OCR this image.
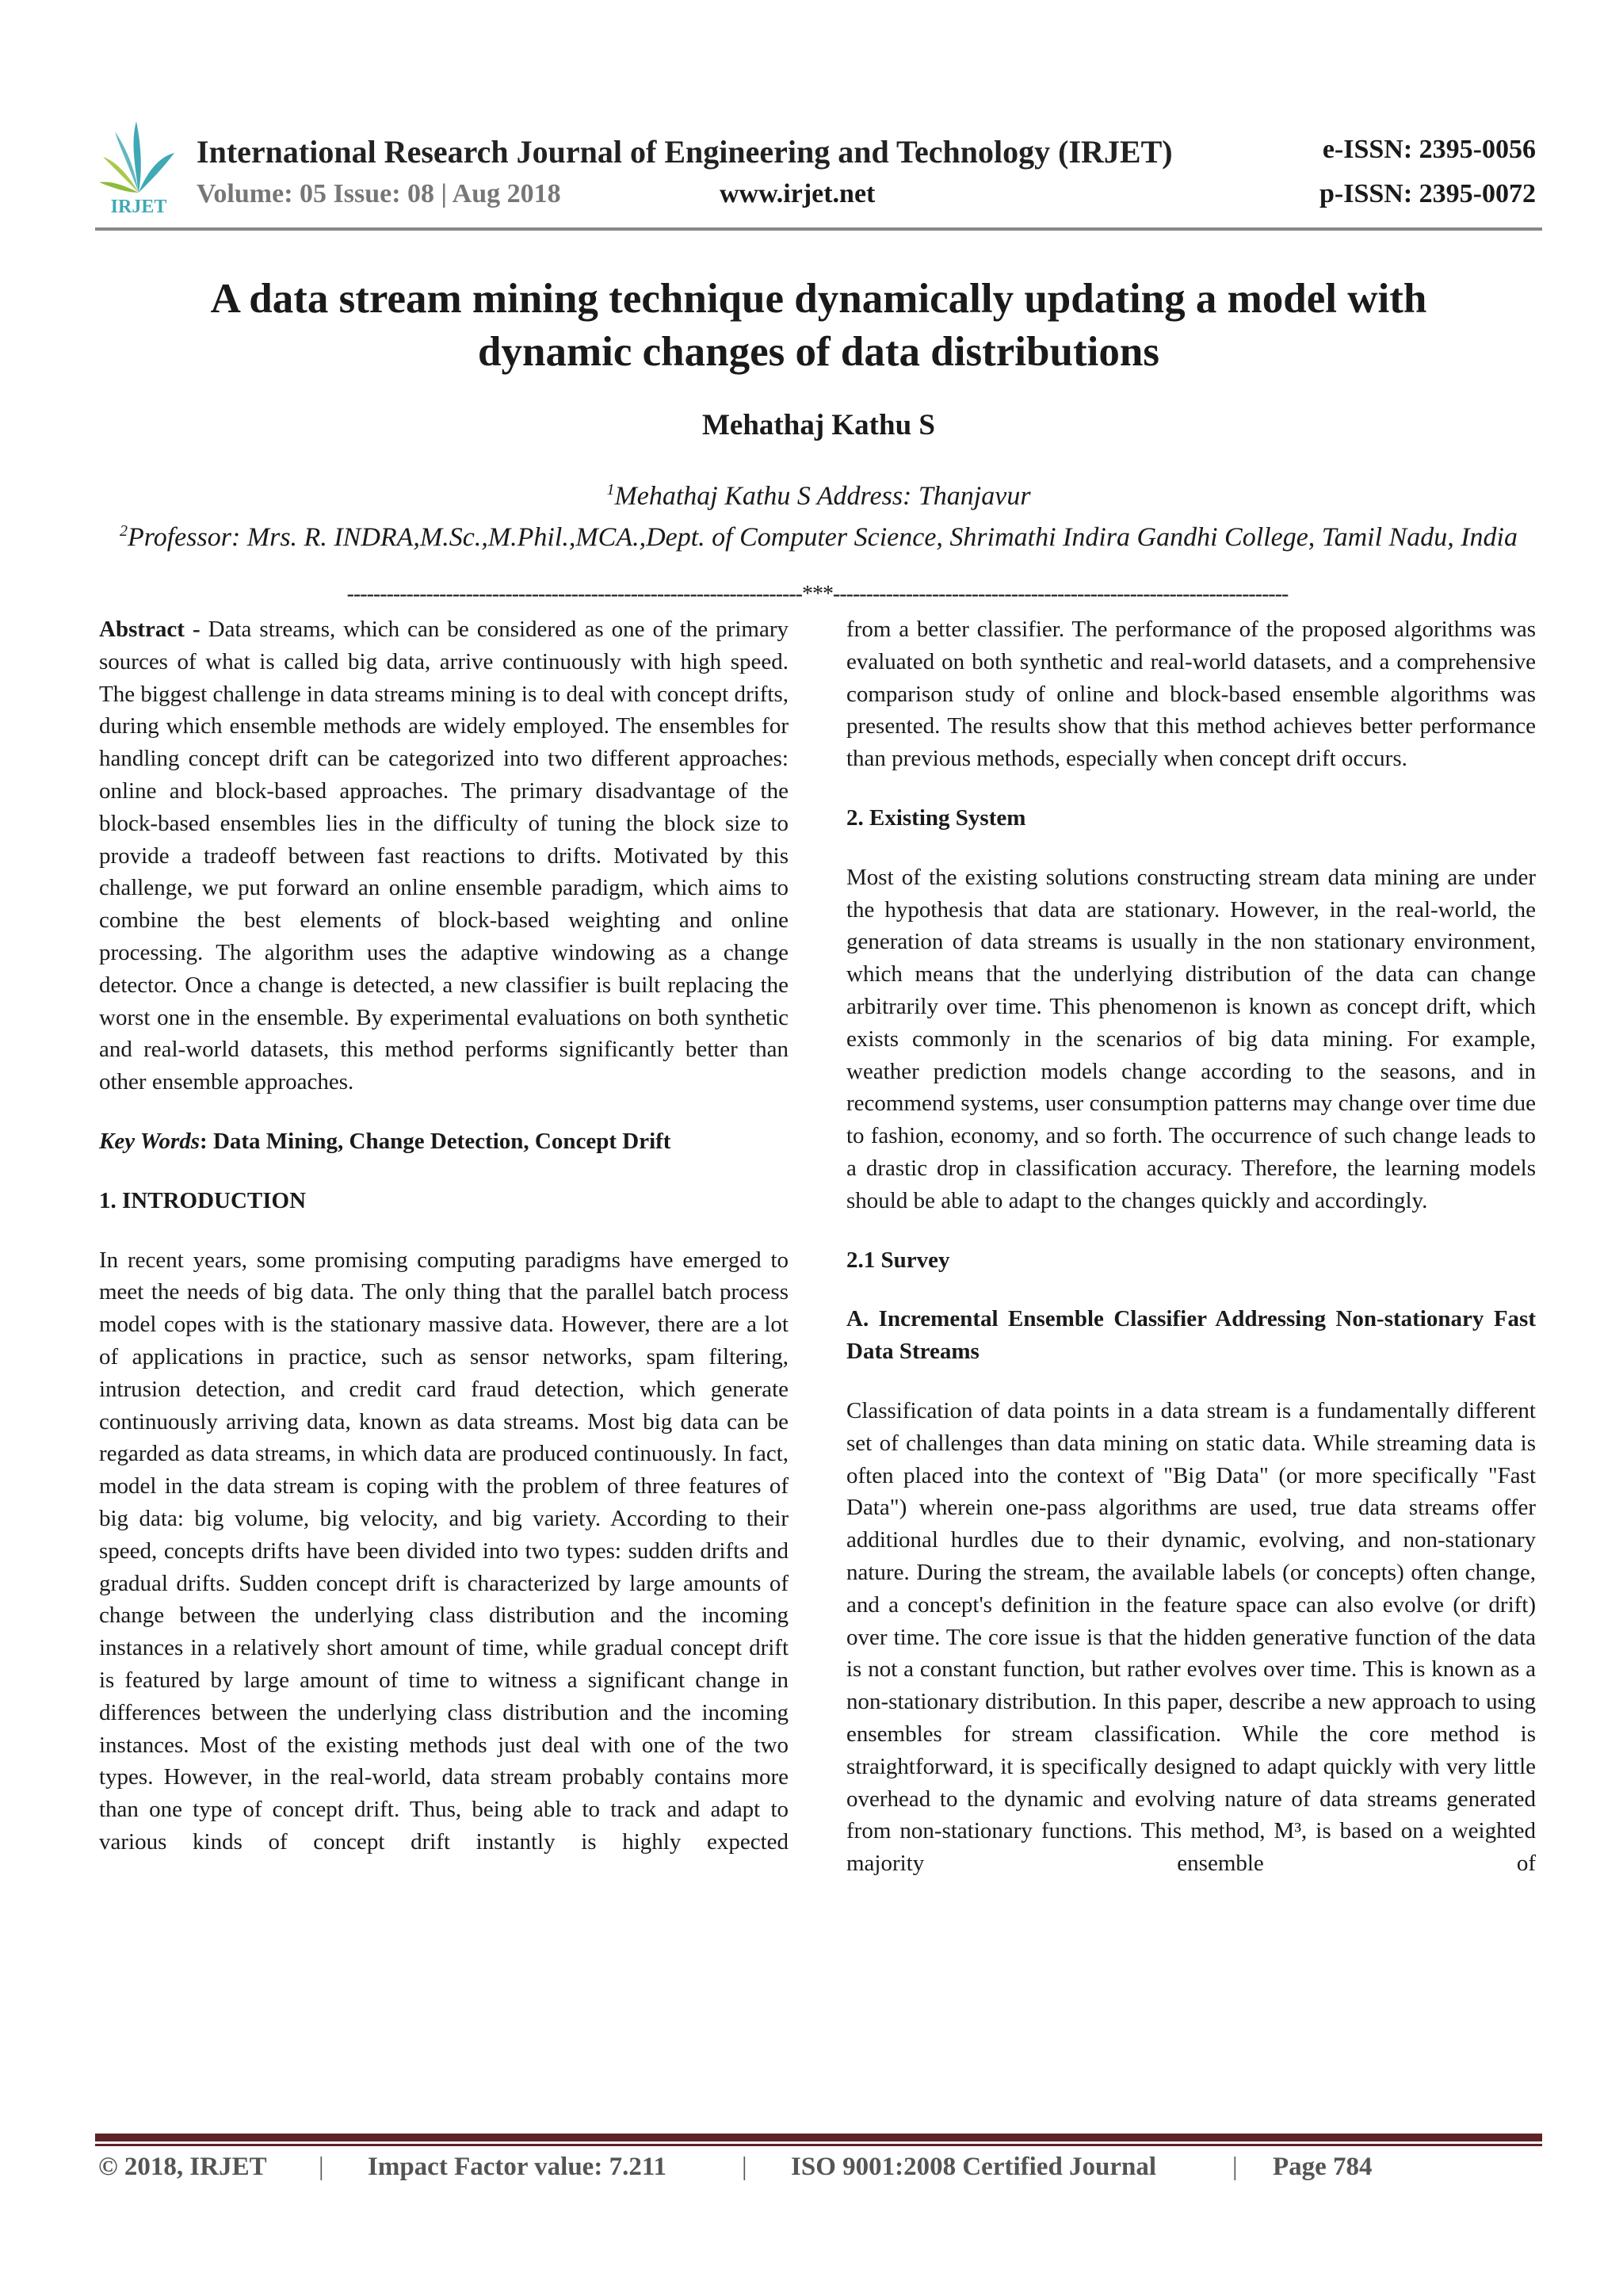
IRJET
International Research Journal of Engineering and Technology (IRJET)
Volume: 05 Issue: 08 | Aug 2018	www.irjet.net
e-ISSN: 2395-0056
p-ISSN: 2395-0072
A data stream mining technique dynamically updating a model with
dynamic changes of data distributions
Mehathaj Kathu S
$^1$Mehathaj Kathu S Address: Thanjavur
$^2$Professor: Mrs. R. INDRA,M.Sc.,M.Phil.,MCA.,Dept. of Computer Science, Shrimathi Indira Gandhi College, Tamil Nadu, India
---------------------------------------------------------------------***---------------------------------------------------------------------

Abstract - Data streams, which can be considered as one of the primary sources of what is called big data, arrive continuously with high speed. The biggest challenge in data streams mining is to deal with concept drifts, during which ensemble methods are widely employed. The ensembles for handling concept drift can be categorized into two different approaches: online and block-based approaches. The primary disadvantage of the block-based ensembles lies in the difficulty of tuning the block size to provide a tradeoff between fast reactions to drifts. Motivated by this challenge, we put forward an online ensemble paradigm, which aims to combine the best elements of block-based weighting and online processing. The algorithm uses the adaptive windowing as a change detector. Once a change is detected, a new classifier is built replacing the worst one in the ensemble. By experimental evaluations on both synthetic and real-world datasets, this method performs significantly better than other ensemble approaches.

Key Words: Data Mining, Change Detection, Concept Drift

1. INTRODUCTION

In recent years, some promising computing paradigms have emerged to meet the needs of big data. The only thing that the parallel batch process model copes with is the stationary massive data. However, there are a lot of applications in practice, such as sensor networks, spam filtering, intrusion detection, and credit card fraud detection, which generate continuously arriving data, known as data streams. Most big data can be regarded as data streams, in which data are produced continuously. In fact, model in the data stream is coping with the problem of three features of big data: big volume, big velocity, and big variety. According to their speed, concepts drifts have been divided into two types: sudden drifts and gradual drifts. Sudden concept drift is characterized by large amounts of change between the underlying class distribution and the incoming instances in a relatively short amount of time, while gradual concept drift is featured by large amount of time to witness a significant change in differences between the underlying class distribution and the incoming instances. Most of the existing methods just deal with one of the two types. However, in the real-world, data stream probably contains more than one type of concept drift. Thus, being able to track and adapt to various kinds of concept drift instantly is highly expected

from a better classifier. The performance of the proposed algorithms was evaluated on both synthetic and real-world datasets, and a comprehensive comparison study of online and block-based ensemble algorithms was presented. The results show that this method achieves better performance than previous methods, especially when concept drift occurs.

2. Existing System

Most of the existing solutions constructing stream data mining are under the hypothesis that data are stationary. However, in the real-world, the generation of data streams is usually in the non stationary environment, which means that the underlying distribution of the data can change arbitrarily over time. This phenomenon is known as concept drift, which exists commonly in the scenarios of big data mining. For example, weather prediction models change according to the seasons, and in recommend systems, user consumption patterns may change over time due to fashion, economy, and so forth. The occurrence of such change leads to a drastic drop in classification accuracy. Therefore, the learning models should be able to adapt to the changes quickly and accordingly.

2.1 Survey
A. Incremental Ensemble Classifier Addressing Non-stationary Fast Data Streams

Classification of data points in a data stream is a fundamentally different set of challenges than data mining on static data. While streaming data is often placed into the context of "Big Data" (or more specifically "Fast Data") wherein one-pass algorithms are used, true data streams offer additional hurdles due to their dynamic, evolving, and non-stationary nature. During the stream, the available labels (or concepts) often change, and a concept's definition in the feature space can also evolve (or drift) over time. The core issue is that the hidden generative function of the data is not a constant function, but rather evolves over time. This is known as a non-stationary distribution. In this paper, describe a new approach to using ensembles for stream classification. While the core method is straightforward, it is specifically designed to adapt quickly with very little overhead to the dynamic and evolving nature of data streams generated from non-stationary functions. This method, M³, is based on a weighted majority ensemble of

© 2018, IRJET | Impact Factor value: 7.211	| ISO 9001:2008 Certified Journal	| Page 784
